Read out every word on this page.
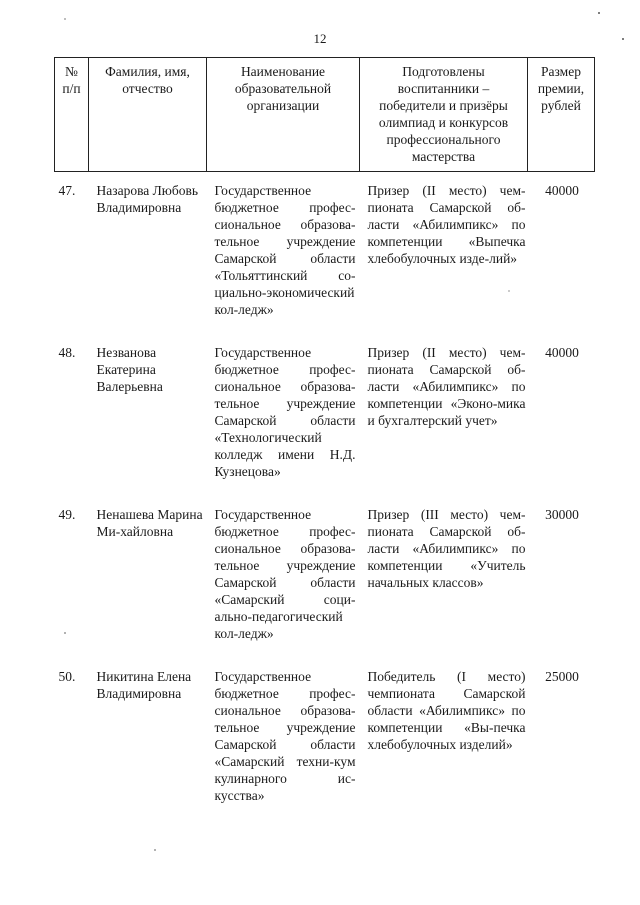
12
№ п/п	Фамилия, имя, отчество	Наименование образовательной организации	Подготовлены воспитанники – победители и призёры олимпиад и конкурсов профессионального мастерства	Размер премии, рублей

47.	Назарова Любовь Владимировна	Государственное бюджетное профес-сиональное образова-тельное учреждение Самарской области «Тольяттинский со-циально-экономический кол-ледж»	Призер (II место) чем-пионата Самарской об-ласти «Абилимпикс» по компетенции «Выпечка хлебобулочных изде-лий»	40000

48.	Незванова Екатерина Валерьевна	Государственное бюджетное профес-сиональное образова-тельное учреждение Самарской области «Технологический колледж имени Н.Д. Кузнецова»	Призер (II место) чем-пионата Самарской об-ласти «Абилимпикс» по компетенции «Эконо-мика и бухгалтерский учет»	40000

49.	Ненашева Марина Ми-хайловна	Государственное бюджетное профес-сиональное образова-тельное учреждение Самарской области «Самарский соци-ально-педагогический кол-ледж»	Призер (III место) чем-пионата Самарской об-ласти «Абилимпикс» по компетенции «Учитель начальных классов»	30000

50.	Никитина Елена Владимировна	Государственное бюджетное профес-сиональное образова-тельное учреждение Самарской области «Самарский техни-кум кулинарного ис-кусства»	Победитель (I место) чемпионата Самарской области «Абилимпикс» по компетенции «Вы-печка хлебобулочных изделий»	25000
